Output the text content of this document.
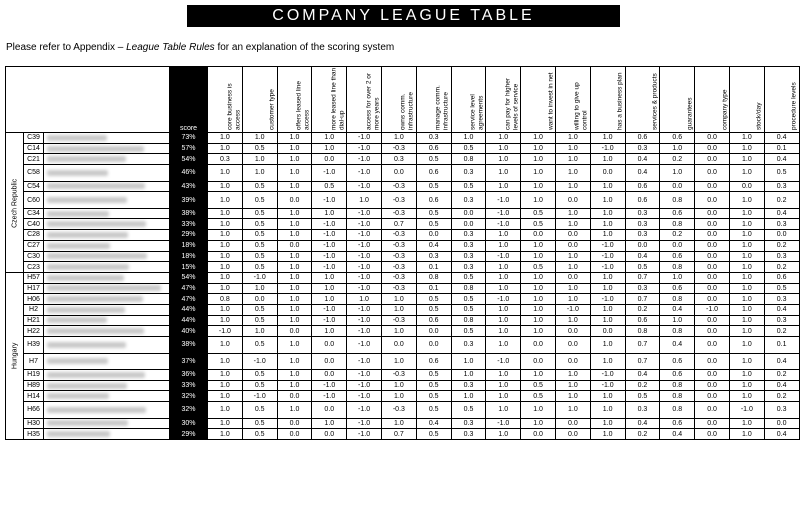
COMPANY LEAGUE TABLE
Please refer to Appendix – League Table Rules for an explanation of the scoring system
			score	core business is access	customer type	offers leased line access	more leased line than dial-up	access for over 2 or more years	owns comm. infrastructure	manage comm. infrastructure	service level agreements	can pay for higher levels of service	want to invest in net	willing to give up control	has a business plan	services & products	guarantees	company type	stock/day	procedure levels
Czech Republic	C39		73%	1.0	1.0	1.0	1.0	-1.0	1.0	0.3	1.0	1.0	1.0	1.0	1.0	0.6	0.6	0.0	1.0	0.4
	C14		57%	1.0	0.5	1.0	1.0	-1.0	-0.3	0.6	0.5	1.0	1.0	1.0	-1.0	0.3	1.0	0.0	1.0	0.1
	C21		54%	0.3	1.0	1.0	0.0	-1.0	0.3	0.5	0.8	1.0	1.0	1.0	1.0	0.4	0.2	0.0	1.0	0.4
	C58		46%	1.0	1.0	1.0	-1.0	-1.0	0.0	0.6	0.3	1.0	1.0	1.0	0.0	0.4	1.0	0.0	1.0	0.5
	C54		43%	1.0	0.5	1.0	0.5	-1.0	-0.3	0.5	0.5	1.0	1.0	1.0	1.0	0.6	0.0	0.0	0.0	0.3
	C60		39%	1.0	0.5	0.0	-1.0	1.0	-0.3	0.6	0.3	-1.0	1.0	0.0	1.0	0.6	0.8	0.0	1.0	0.2
	C34		38%	1.0	0.5	1.0	1.0	-1.0	-0.3	0.5	0.0	-1.0	0.5	1.0	1.0	0.3	0.6	0.0	1.0	0.4
	C40		33%	1.0	0.5	1.0	-1.0	-1.0	0.7	0.5	0.0	-1.0	0.5	1.0	1.0	0.3	0.8	0.0	1.0	0.3
	C28		29%	1.0	0.5	1.0	-1.0	-1.0	-0.3	0.0	0.3	1.0	0.0	0.0	1.0	0.3	0.2	0.0	1.0	0.0
	C27		18%	1.0	0.5	0.0	-1.0	-1.0	-0.3	0.4	0.3	1.0	1.0	0.0	-1.0	0.0	0.0	0.0	1.0	0.2
	C30		18%	1.0	0.5	1.0	-1.0	-1.0	-0.3	0.3	0.3	-1.0	1.0	1.0	-1.0	0.4	0.6	0.0	1.0	0.3
	C23		15%	1.0	0.5	1.0	-1.0	-1.0	-0.3	0.1	0.3	1.0	0.5	1.0	-1.0	0.5	0.8	0.0	1.0	0.2
Hungary	H57		54%	1.0	-1.0	1.0	1.0	-1.0	-0.3	0.8	0.5	1.0	1.0	0.0	1.0	0.7	1.0	0.0	1.0	0.6
	H17		47%	1.0	1.0	1.0	1.0	-1.0	-0.3	0.1	0.8	1.0	1.0	1.0	1.0	0.3	0.6	0.0	1.0	0.5
	H06		47%	0.8	0.0	1.0	1.0	1.0	1.0	0.5	0.5	-1.0	1.0	1.0	-1.0	0.7	0.8	0.0	1.0	0.3
	H2		44%	1.0	0.5	1.0	-1.0	-1.0	1.0	0.5	0.5	1.0	1.0	-1.0	1.0	0.2	0.4	-1.0	1.0	0.4
	H21		44%	1.0	0.5	1.0	-1.0	-1.0	-0.3	0.6	0.8	1.0	1.0	1.0	1.0	0.6	1.0	0.0	1.0	0.3
	H22		40%	-1.0	1.0	0.0	1.0	-1.0	1.0	0.0	0.5	1.0	1.0	0.0	0.0	0.8	0.8	0.0	1.0	0.2
	H39		38%	1.0	0.5	1.0	0.0	-1.0	0.0	0.0	0.3	1.0	0.0	0.0	1.0	0.7	0.4	0.0	1.0	0.1
	H7		37%	1.0	-1.0	1.0	0.0	-1.0	1.0	0.6	1.0	-1.0	0.0	0.0	1.0	0.7	0.6	0.0	1.0	0.4
	H19		36%	1.0	0.5	1.0	0.0	-1.0	-0.3	0.5	1.0	1.0	1.0	1.0	-1.0	0.4	0.6	0.0	1.0	0.2
	H89		33%	1.0	0.5	1.0	-1.0	-1.0	1.0	0.5	0.3	1.0	0.5	1.0	-1.0	0.2	0.8	0.0	1.0	0.4
	H14		32%	1.0	-1.0	0.0	-1.0	-1.0	1.0	0.5	1.0	1.0	0.5	1.0	1.0	0.5	0.8	0.0	1.0	0.2
	H66		32%	1.0	0.5	1.0	0.0	-1.0	-0.3	0.5	0.5	1.0	1.0	1.0	1.0	0.3	0.8	0.0	-1.0	0.3
	H30		30%	1.0	0.5	0.0	1.0	-1.0	1.0	0.4	0.3	-1.0	1.0	0.0	1.0	0.4	0.6	0.0	1.0	0.0
	H35		29%	1.0	0.5	0.0	0.0	-1.0	0.7	0.5	0.3	1.0	0.0	0.0	1.0	0.2	0.4	0.0	1.0	0.4
